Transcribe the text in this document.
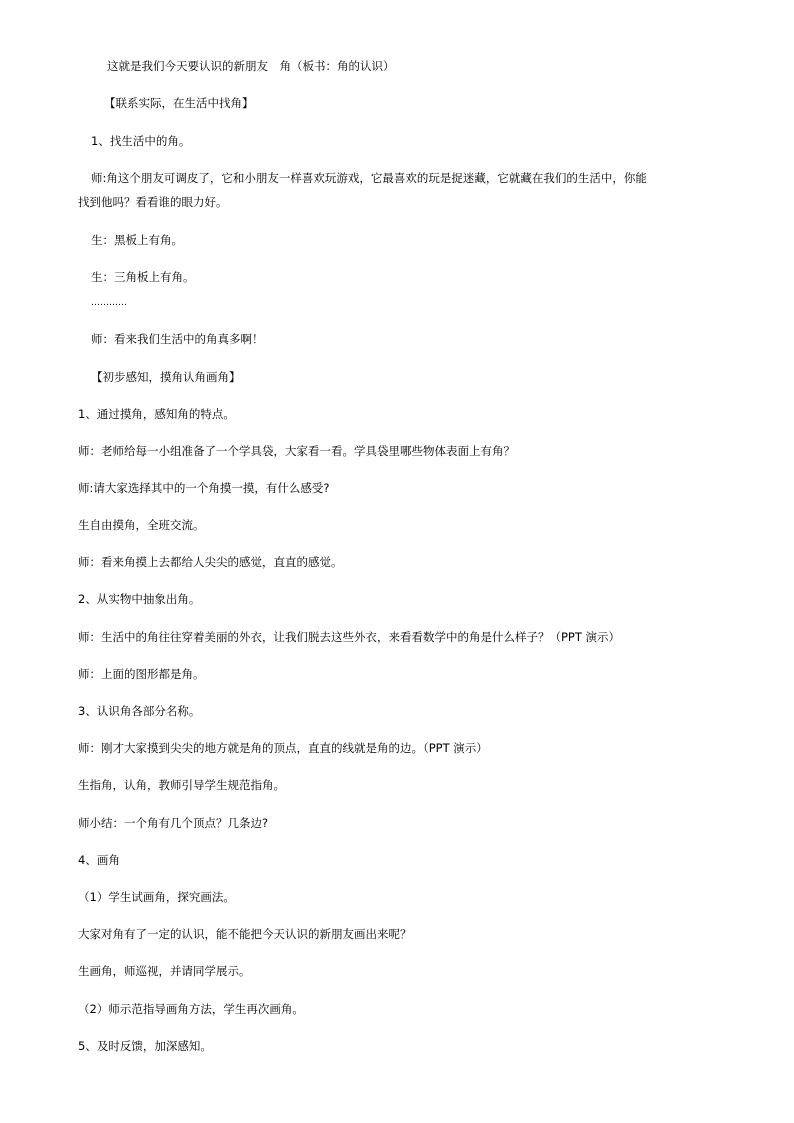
这就是我们今天要认识的新朋友　角（板书：角的认识）
【联系实际，在生活中找角】
1、找生活中的角。
师:角这个朋友可调皮了，它和小朋友一样喜欢玩游戏，它最喜欢的玩是捉迷藏，它就藏在我们的生活中，你能
找到他吗？看看谁的眼力好。
生：黑板上有角。
生：三角板上有角。
…………
师：看来我们生活中的角真多啊！
【初步感知，摸角认角画角】
1、通过摸角，感知角的特点。
师：老师给每一小组准备了一个学具袋，大家看一看。学具袋里哪些物体表面上有角？
师:请大家选择其中的一个角摸一摸，有什么感受?
生自由摸角，全班交流。
师：看来角摸上去都给人尖尖的感觉，直直的感觉。
2、从实物中抽象出角。
师：生活中的角往往穿着美丽的外衣，让我们脱去这些外衣，来看看数学中的角是什么样子？（PPT 演示）
师：上面的图形都是角。
3、认识角各部分名称。
师：刚才大家摸到尖尖的地方就是角的顶点，直直的线就是角的边。（PPT 演示）
生指角，认角，教师引导学生规范指角。
师小结：一个角有几个顶点？几条边?
4、画角
（1）学生试画角，探究画法。
大家对角有了一定的认识，能不能把今天认识的新朋友画出来呢？
生画角，师巡视，并请同学展示。
（2）师示范指导画角方法，学生再次画角。
5、及时反馈，加深感知。
